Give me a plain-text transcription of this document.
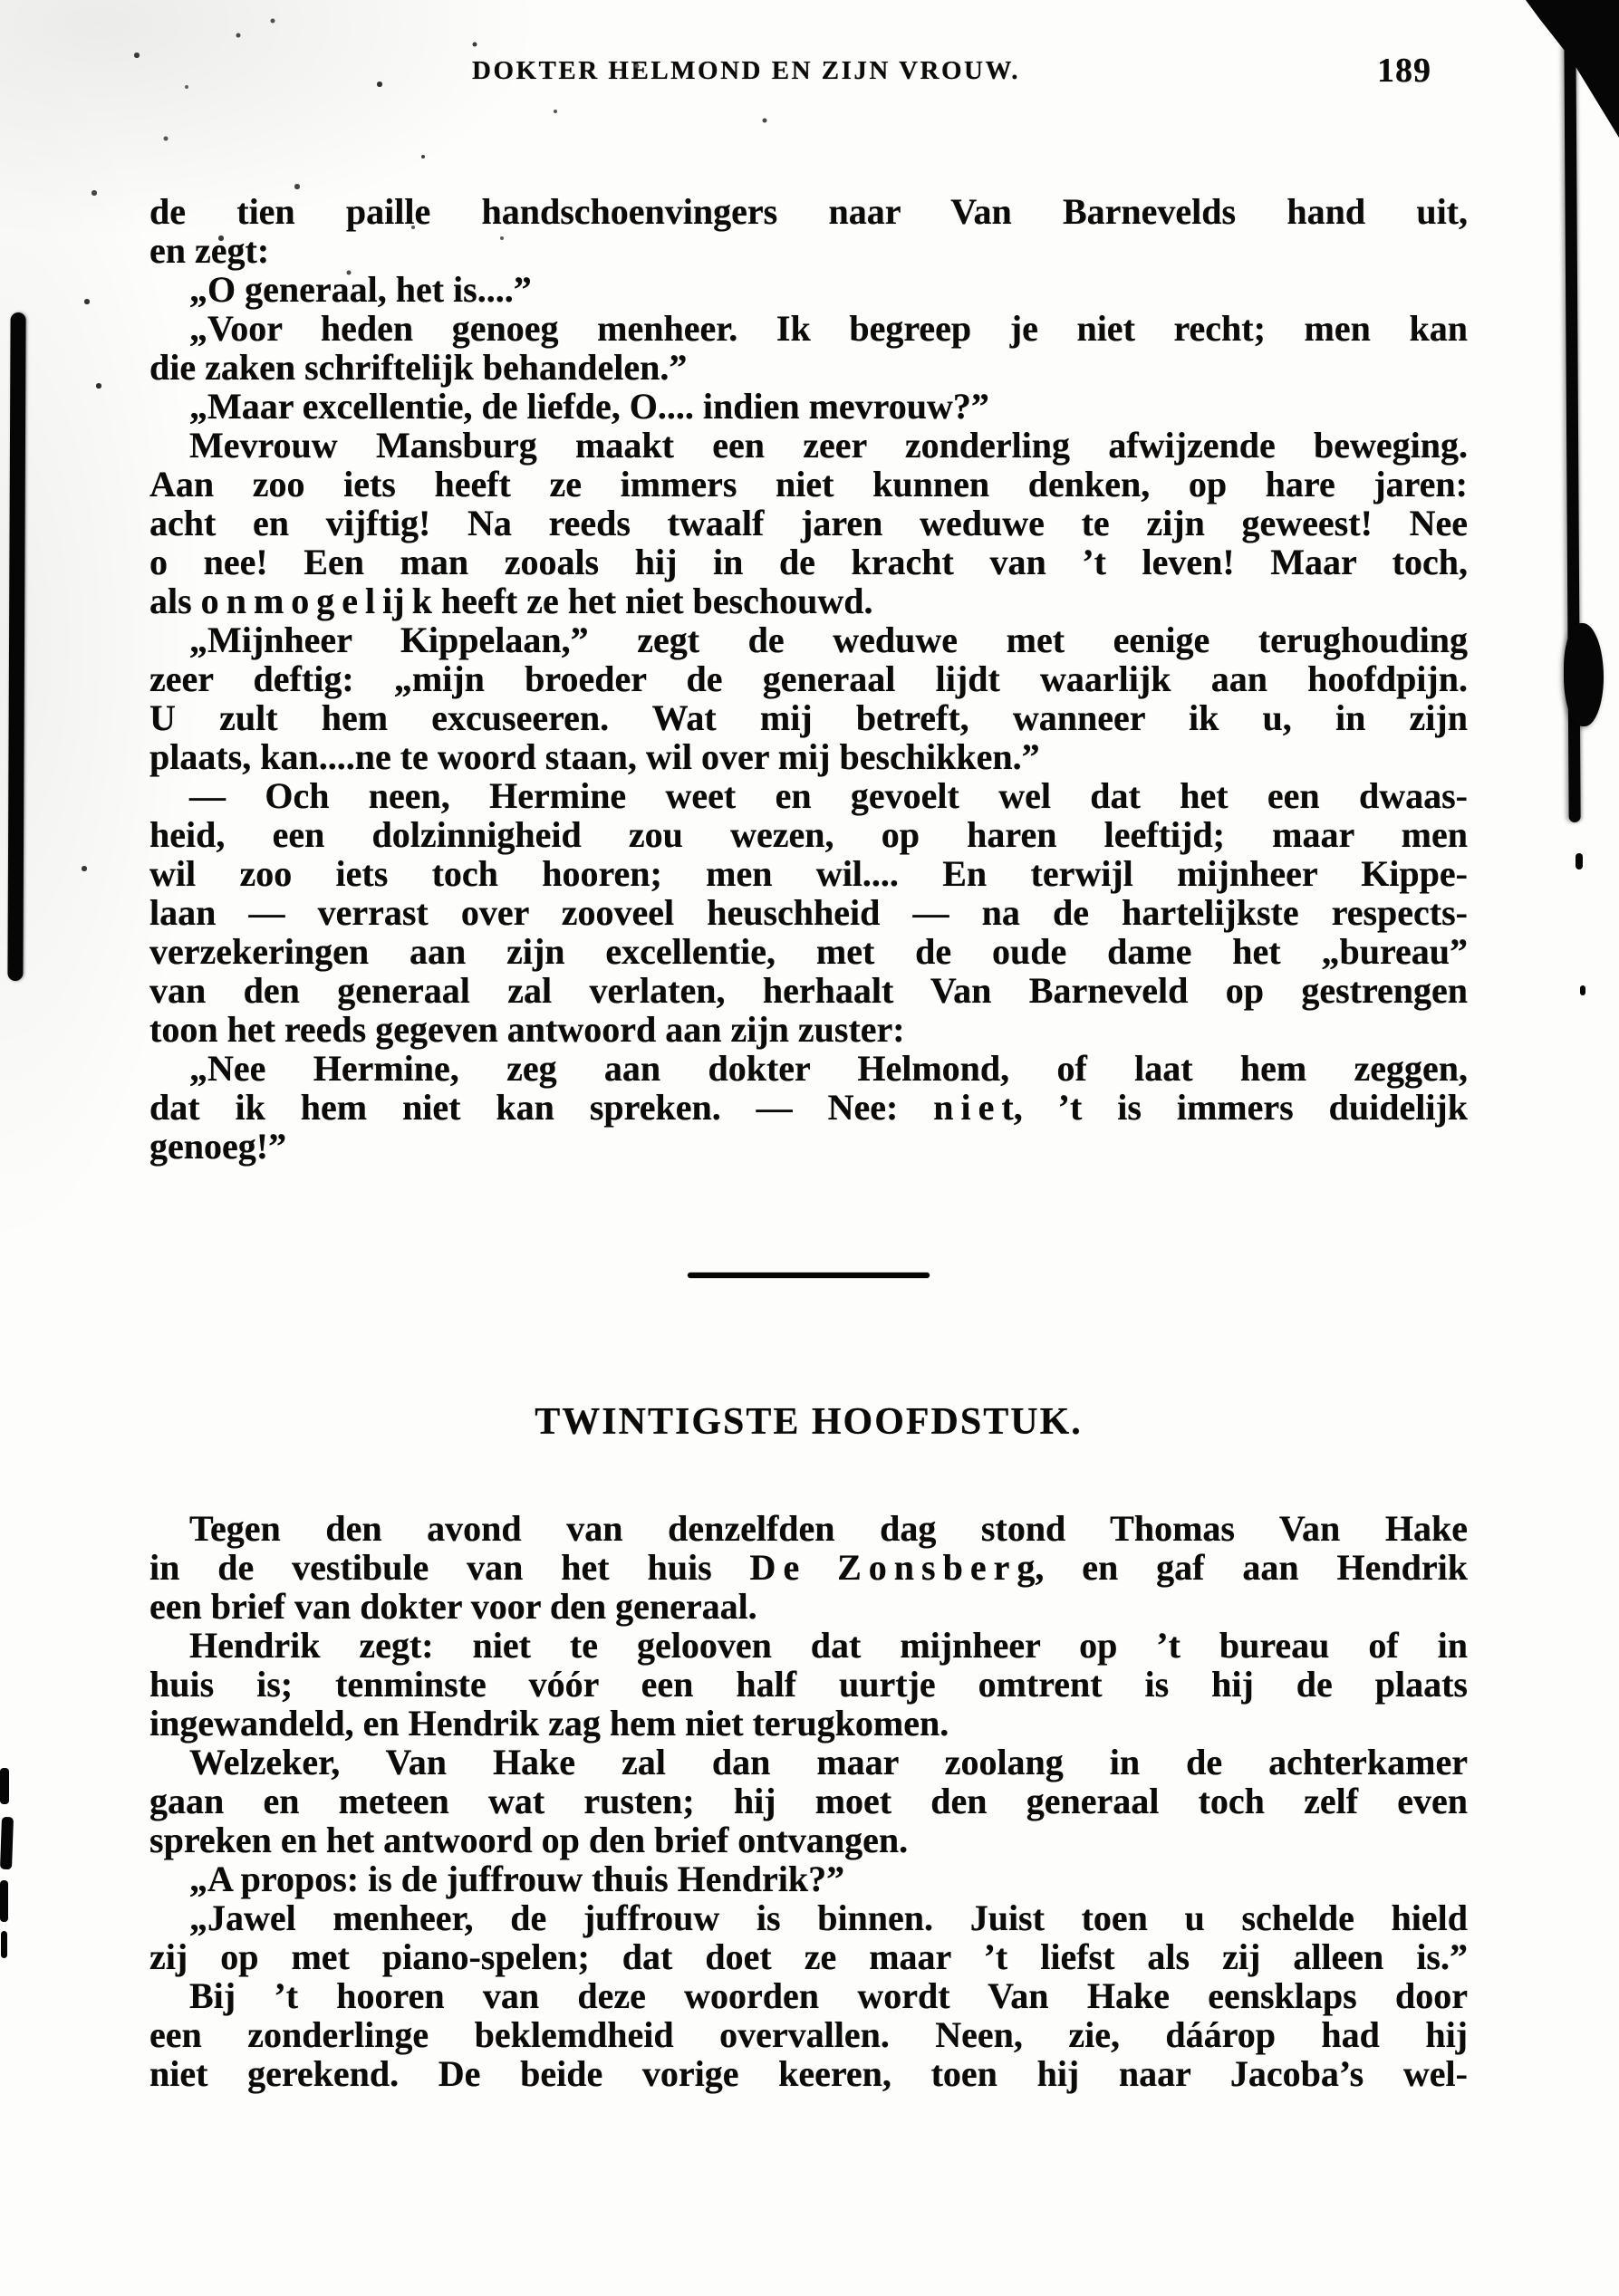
DOKTER HELMOND EN ZIJN VROUW.	189
de tien paille handschoenvingers naar Van Barnevelds hand uit,
en zegt:
„O generaal, het is....”
„Voor heden genoeg menheer. Ik begreep je niet recht; men kan
die zaken schriftelijk behandelen.”
„Maar excellentie, de liefde, O.... indien mevrouw?”
Mevrouw Mansburg maakt een zeer zonderling afwijzende beweging.
Aan zoo iets heeft ze immers niet kunnen denken, op hare jaren:
acht en vijftig! Na reeds twaalf jaren weduwe te zijn geweest! Nee
o nee! Een man zooals hij in de kracht van ’t leven! Maar toch,
als o n m o g e l ij k heeft ze het niet beschouwd.
„Mijnheer Kippelaan,” zegt de weduwe met eenige terughouding
zeer deftig: „mijn broeder de generaal lijdt waarlijk aan hoofdpijn.
U zult hem excuseeren. Wat mij betreft, wanneer ik u, in zijn
plaats, kan....ne te woord staan, wil over mij beschikken.”
— Och neen, Hermine weet en gevoelt wel dat het een dwaas-
heid, een dolzinnigheid zou wezen, op haren leeftijd; maar men
wil zoo iets toch hooren; men wil.... En terwijl mijnheer Kippe-
laan — verrast over zooveel heuschheid — na de hartelijkste respects-
verzekeringen aan zijn excellentie, met de oude dame het „bureau”
van den generaal zal verlaten, herhaalt Van Barneveld op gestrengen
toon het reeds gegeven antwoord aan zijn zuster:
„Nee Hermine, zeg aan dokter Helmond, of laat hem zeggen,
dat ik hem niet kan spreken. — Nee: n i e t, ’t is immers duidelijk
genoeg!”
TWINTIGSTE HOOFDSTUK.
Tegen den avond van denzelfden dag stond Thomas Van Hake
in de vestibule van het huis D e Z o n s b e r g, en gaf aan Hendrik
een brief van dokter voor den generaal.
Hendrik zegt: niet te gelooven dat mijnheer op ’t bureau of in
huis is; tenminste vóór een half uurtje omtrent is hij de plaats
ingewandeld, en Hendrik zag hem niet terugkomen.
Welzeker, Van Hake zal dan maar zoolang in de achterkamer
gaan en meteen wat rusten; hij moet den generaal toch zelf even
spreken en het antwoord op den brief ontvangen.
„A propos: is de juffrouw thuis Hendrik?”
„Jawel menheer, de juffrouw is binnen. Juist toen u schelde hield
zij op met piano-spelen; dat doet ze maar ’t liefst als zij alleen is.”
Bij ’t hooren van deze woorden wordt Van Hake eensklaps door
een zonderlinge beklemdheid overvallen. Neen, zie, dáárop had hij
niet gerekend. De beide vorige keeren, toen hij naar Jacoba’s wel-
